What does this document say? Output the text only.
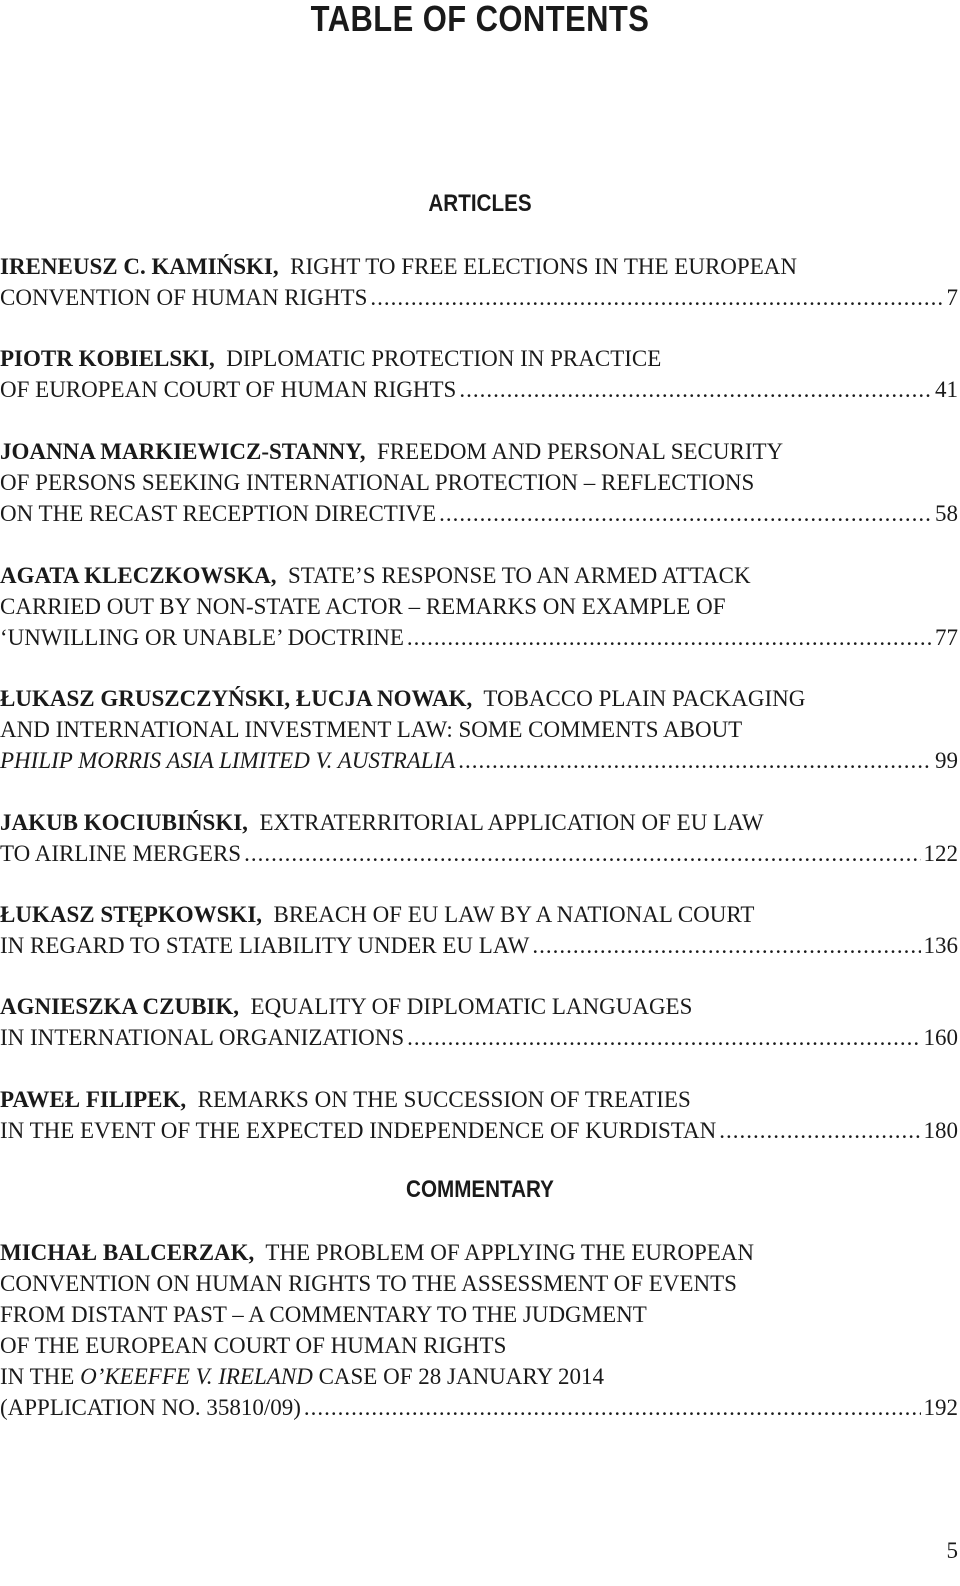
TABLE OF CONTENTS
ARTICLES
IRENEUSZ C. KAMIŃSKI, RIGHT TO FREE ELECTIONS IN THE EUROPEAN
CONVENTION OF HUMAN RIGHTS .....	7
PIOTR KOBIELSKI, DIPLOMATIC PROTECTION IN PRACTICE
OF EUROPEAN COURT OF HUMAN RIGHTS .....	41
JOANNA MARKIEWICZ-STANNY, FREEDOM AND PERSONAL SECURITY
OF PERSONS SEEKING INTERNATIONAL PROTECTION – REFLECTIONS
ON THE RECAST RECEPTION DIRECTIVE .....	58
AGATA KLECZKOWSKA, STATE’S RESPONSE TO AN ARMED ATTACK
CARRIED OUT BY NON-STATE ACTOR – REMARKS ON EXAMPLE OF
‘UNWILLING OR UNABLE’ DOCTRINE .....	77
ŁUKASZ GRUSZCZYŃSKI, ŁUCJA NOWAK, TOBACCO PLAIN PACKAGING
AND INTERNATIONAL INVESTMENT LAW: SOME COMMENTS ABOUT
PHILIP MORRIS ASIA LIMITED V. AUSTRALIA .....	99
JAKUB KOCIUBIŃSKI, EXTRATERRITORIAL APPLICATION OF EU LAW
TO AIRLINE MERGERS .....	122
ŁUKASZ STĘPKOWSKI, BREACH OF EU LAW BY A NATIONAL COURT
IN REGARD TO STATE LIABILITY UNDER EU LAW .....	136
AGNIESZKA CZUBIK, EQUALITY OF DIPLOMATIC LANGUAGES
IN INTERNATIONAL ORGANIZATIONS .....	160
PAWEŁ FILIPEK, REMARKS ON THE SUCCESSION OF TREATIES
IN THE EVENT OF THE EXPECTED INDEPENDENCE OF KURDISTAN .....	180
COMMENTARY
MICHAŁ BALCERZAK, THE PROBLEM OF APPLYING THE EUROPEAN
CONVENTION ON HUMAN RIGHTS TO THE ASSESSMENT OF EVENTS
FROM DISTANT PAST – A COMMENTARY TO THE JUDGMENT
OF THE EUROPEAN COURT OF HUMAN RIGHTS
IN THE O’KEEFFE V. IRELAND CASE OF 28 JANUARY 2014
(APPLICATION NO. 35810/09) .....	192
5
